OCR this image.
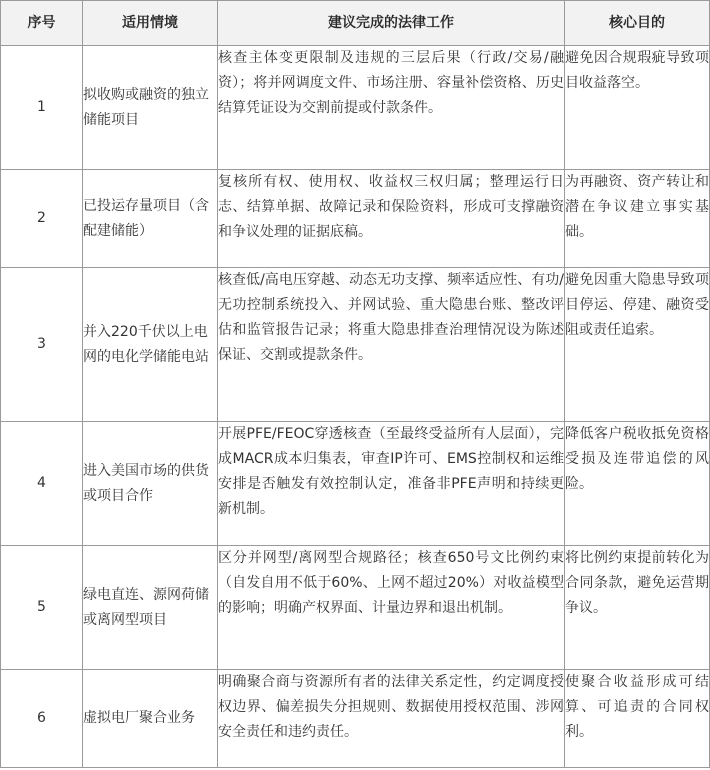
序号	适用情境	建议完成的法律工作	核心目的
1	拟收购或融资的独立储能项目	核查主体变更限制及违规的三层后果（行政/交易/融资）；将并网调度文件、市场注册、容量补偿资格、历史结算凭证设为交割前提或付款条件。	避免因合规瑕疵导致项目收益落空。
2	已投运存量项目（含配建储能）	复核所有权、使用权、收益权三权归属；整理运行日志、结算单据、故障记录和保险资料，形成可支撑融资和争议处理的证据底稿。	为再融资、资产转让和潜在争议建立事实基础。
3	并入220千伏以上电网的电化学储能电站	核查低/高电压穿越、动态无功支撑、频率适应性、有功/无功控制系统投入、并网试验、重大隐患台账、整改评估和监管报告记录；将重大隐患排查治理情况设为陈述保证、交割或提款条件。	避免因重大隐患导致项目停运、停建、融资受阻或责任追索。
4	进入美国市场的供货或项目合作	开展PFE/FEOC穿透核查（至最终受益所有人层面），完成MACR成本归集表，审查IP许可、EMS控制权和运维安排是否触发有效控制认定，准备非PFE声明和持续更新机制。	降低客户税收抵免资格受损及连带追偿的风险。
5	绿电直连、源网荷储或离网型项目	区分并网型/离网型合规路径；核查650号文比例约束（自发自用不低于60%、上网不超过20%）对收益模型的影响；明确产权界面、计量边界和退出机制。	将比例约束提前转化为合同条款，避免运营期争议。
6	虚拟电厂聚合业务	明确聚合商与资源所有者的法律关系定性，约定调度授权边界、偏差损失分担规则、数据使用授权范围、涉网安全责任和违约责任。	使聚合收益形成可结算、可追责的合同权利。
